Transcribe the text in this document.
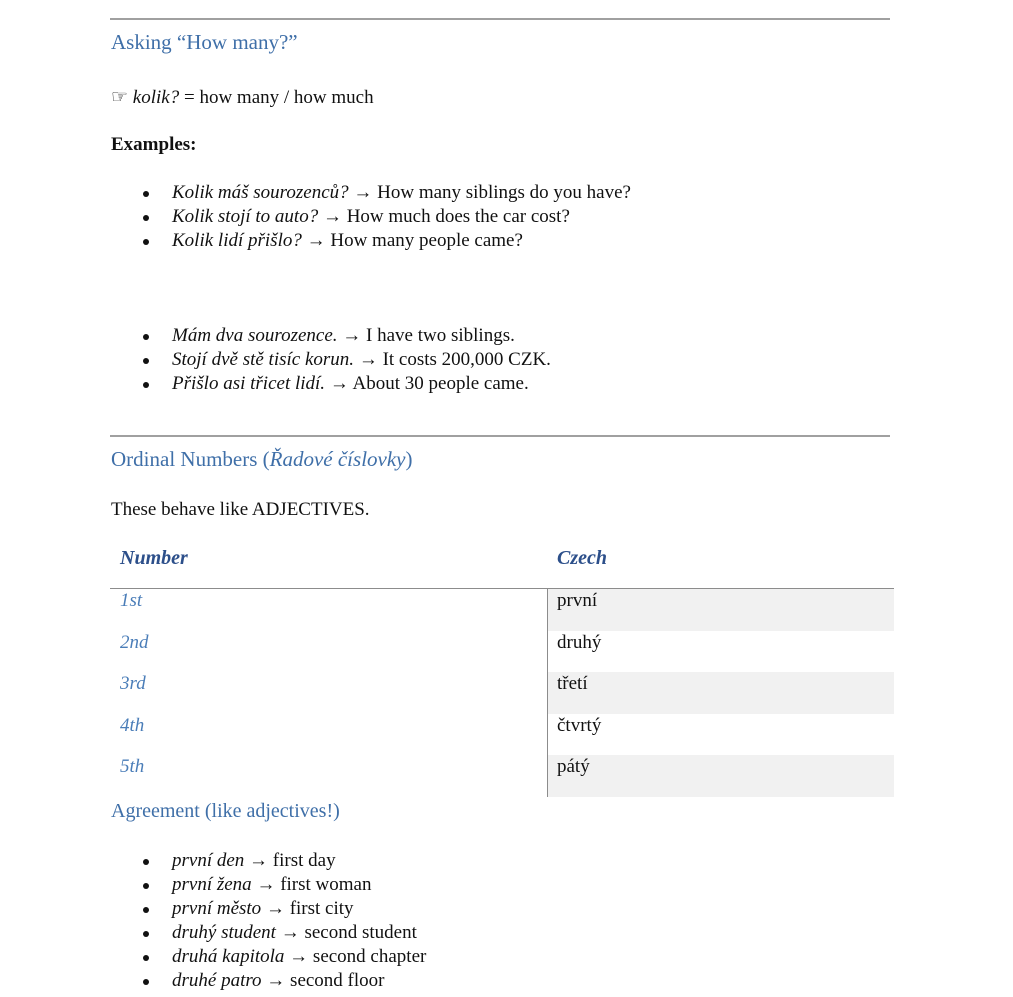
Asking “How many?”

☞ kolik? = how many / how much

Examples:

Kolik máš sourozenců? → How many siblings do you have?
Kolik stojí to auto? → How much does the car cost?
Kolik lidí přišlo? → How many people came?
Mám dva sourozence. → I have two siblings.
Stojí dvě stě tisíc korun. → It costs 200,000 CZK.
Přišlo asi třicet lidí. → About 30 people came.
Ordinal Numbers (Řadové číslovky)

These behave like ADJECTIVES.

Number	Czech
1st	první
2nd	druhý
3rd	třetí
4th	čtvrtý
5th	pátý
Agreement (like adjectives!)
první den → first day
první žena → first woman
první město → first city
druhý student → second student
druhá kapitola → second chapter
druhé patro → second floor
